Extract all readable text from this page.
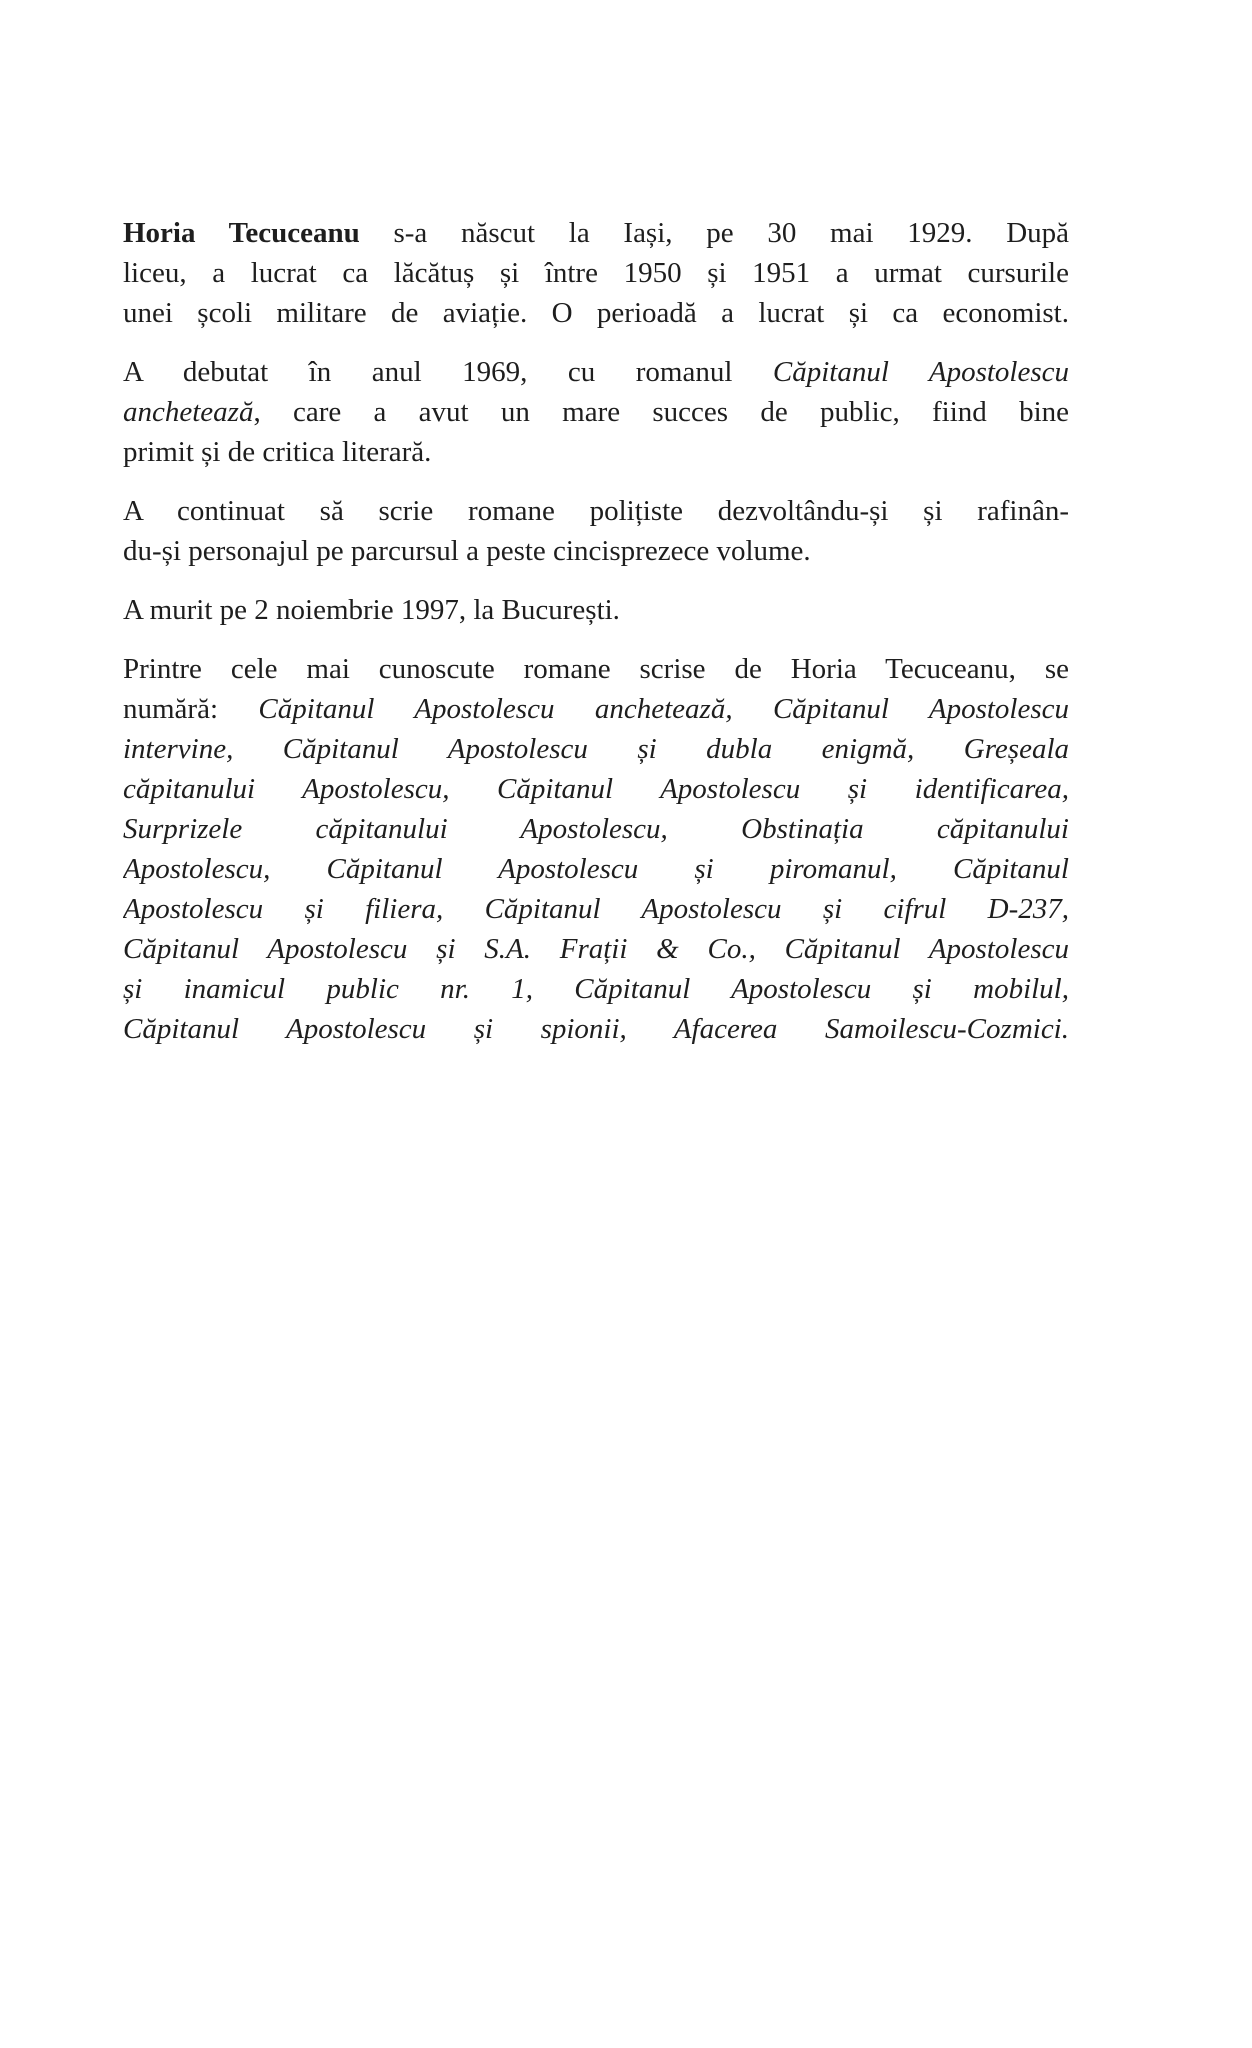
Horia Tecuceanu s-a născut la Iași, pe 30 mai 1929. După
liceu, a lucrat ca lăcătuș și între 1950 și 1951 a urmat cursurile
unei școli militare de aviație. O perioadă a lucrat și ca economist.
A debutat în anul 1969, cu romanul Căpitanul Apostolescu
anchetează, care a avut un mare succes de public, fiind bine
primit și de critica literară.
A continuat să scrie romane polițiste dezvoltându-și și rafinân-
du-și personajul pe parcursul a peste cincisprezece volume.
A murit pe 2 noiembrie 1997, la București.
Printre cele mai cunoscute romane scrise de Horia Tecuceanu, se
numără: Căpitanul Apostolescu anchetează, Căpitanul Apostolescu
intervine, Căpitanul Apostolescu și dubla enigmă, Greșeala
căpitanului Apostolescu, Căpitanul Apostolescu și identificarea,
Surprizele căpitanului Apostolescu, Obstinația căpitanului
Apostolescu, Căpitanul Apostolescu și piromanul, Căpitanul
Apostolescu și filiera, Căpitanul Apostolescu și cifrul D-237,
Căpitanul Apostolescu și S.A. Frații & Co., Căpitanul Apostolescu
și inamicul public nr. 1, Căpitanul Apostolescu și mobilul,
Căpitanul Apostolescu și spionii, Afacerea Samoilescu-Cozmici.
